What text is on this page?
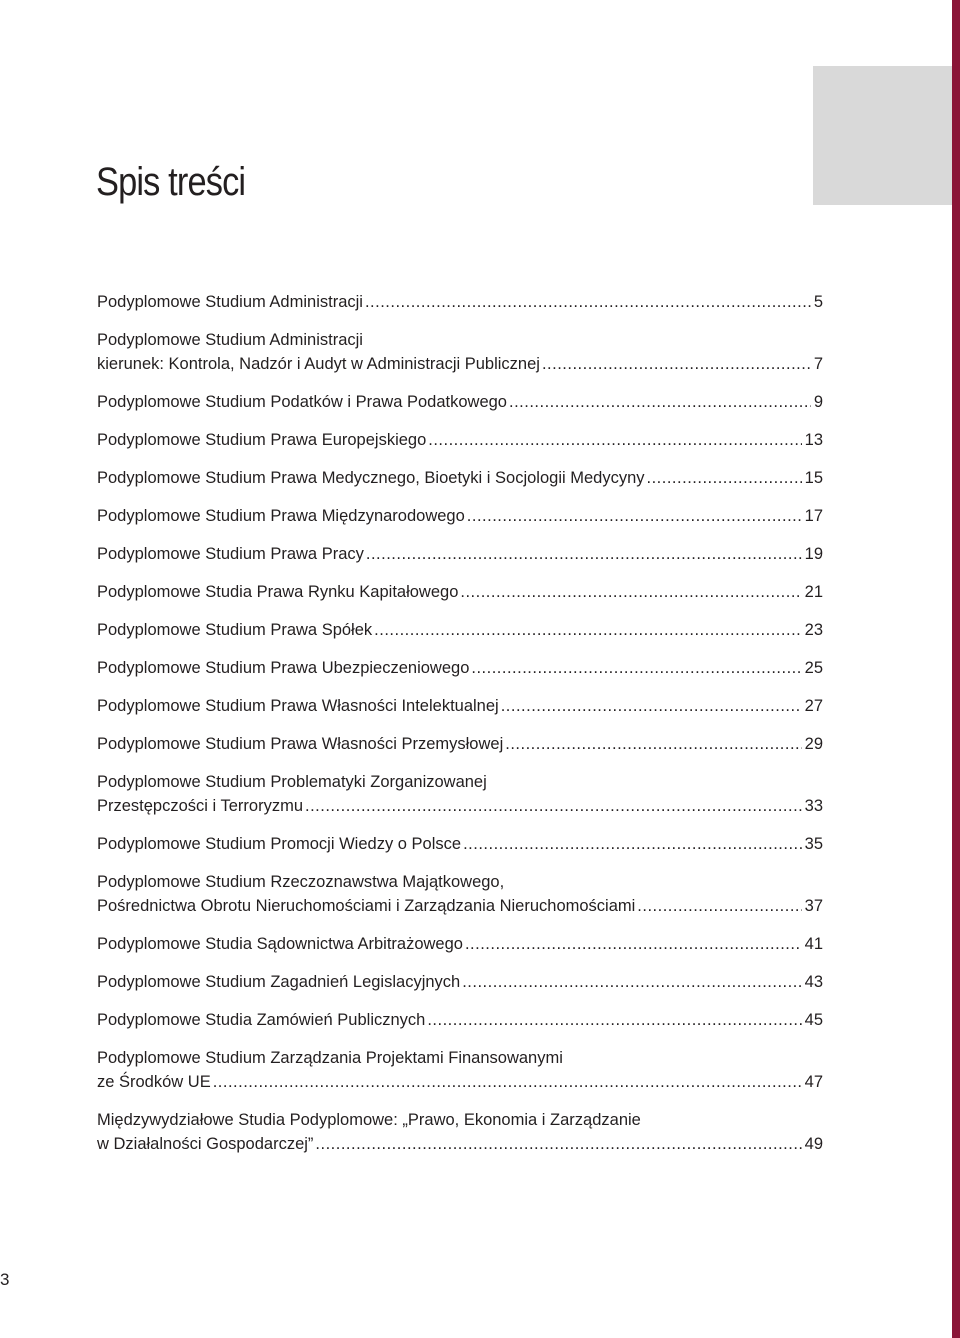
Spis treści
Podyplomowe Studium Administracji .....	5
Podyplomowe Studium Administracji
kierunek: Kontrola, Nadzór i Audyt w Administracji Publicznej .....	7
Podyplomowe Studium Podatków i Prawa Podatkowego .....	9
Podyplomowe Studium Prawa Europejskiego .....	13
Podyplomowe Studium Prawa Medycznego, Bioetyki i Socjologii Medycyny .....	15
Podyplomowe Studium Prawa Międzynarodowego .....	17
Podyplomowe Studium Prawa Pracy .....	19
Podyplomowe Studia Prawa Rynku Kapitałowego .....	21
Podyplomowe Studium Prawa Spółek .....	23
Podyplomowe Studium Prawa Ubezpieczeniowego .....	25
Podyplomowe Studium Prawa Własności Intelektualnej .....	27
Podyplomowe Studium Prawa Własności Przemysłowej .....	29
Podyplomowe Studium Problematyki Zorganizowanej
Przestępczości i Terroryzmu .....	33
Podyplomowe Studium Promocji Wiedzy o Polsce .....	35
Podyplomowe Studium Rzeczoznawstwa Majątkowego,
Pośrednictwa Obrotu Nieruchomościami i Zarządzania Nieruchomościami .....	37
Podyplomowe Studia Sądownictwa Arbitrażowego .....	41
Podyplomowe Studium Zagadnień Legislacyjnych .....	43
Podyplomowe Studia Zamówień Publicznych .....	45
Podyplomowe Studium Zarządzania Projektami Finansowanymi
ze Środków UE .....	47
Międzywydziałowe Studia Podyplomowe: „Prawo, Ekonomia i Zarządzanie
w Działalności Gospodarczej” .....	49
3
